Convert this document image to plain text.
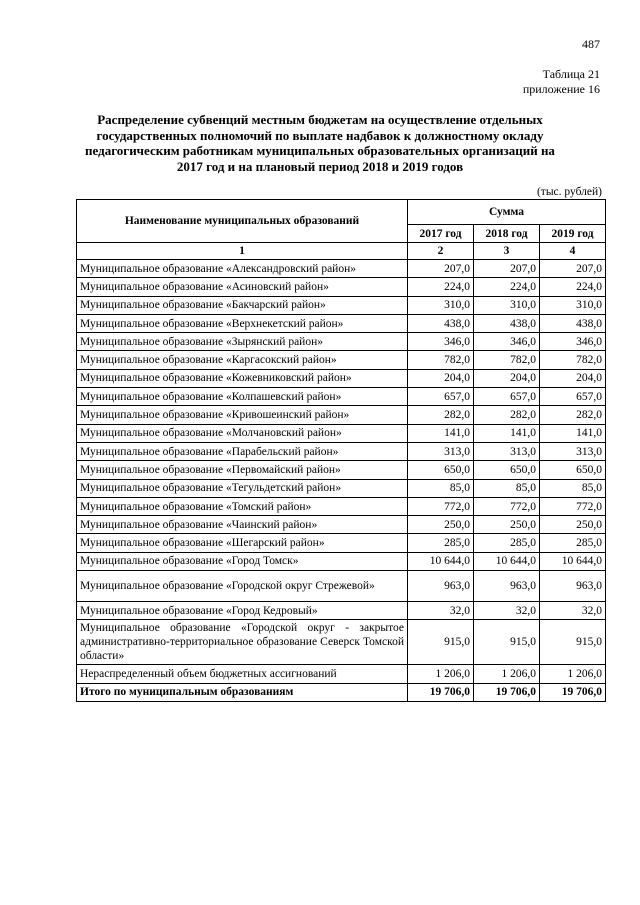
487
Таблица 21
приложение 16
Распределение субвенций местным бюджетам на осуществление отдельных государственных полномочий по выплате надбавок к должностному окладу педагогическим работникам муниципальных образовательных организаций на 2017 год и на плановый период 2018 и 2019 годов
(тыс. рублей)
Наименование муниципальных образований	Сумма		
	2017 год	2018 год	2019 год
1	2	3	4
Муниципальное образование «Александровский район»	207,0	207,0	207,0
Муниципальное образование «Асиновский район»	224,0	224,0	224,0
Муниципальное образование «Бакчарский район»	310,0	310,0	310,0
Муниципальное образование «Верхнекетский район»	438,0	438,0	438,0
Муниципальное образование «Зырянский район»	346,0	346,0	346,0
Муниципальное образование «Каргасокский район»	782,0	782,0	782,0
Муниципальное образование «Кожевниковский район»	204,0	204,0	204,0
Муниципальное образование «Колпашевский район»	657,0	657,0	657,0
Муниципальное образование «Кривошеинский район»	282,0	282,0	282,0
Муниципальное образование «Молчановский район»	141,0	141,0	141,0
Муниципальное образование «Парабельский район»	313,0	313,0	313,0
Муниципальное образование «Первомайский район»	650,0	650,0	650,0
Муниципальное образование «Тегульдетский район»	85,0	85,0	85,0
Муниципальное образование «Томский район»	772,0	772,0	772,0
Муниципальное образование «Чаинский район»	250,0	250,0	250,0
Муниципальное образование «Шегарский район»	285,0	285,0	285,0
Муниципальное образование «Город Томск»	10 644,0	10 644,0	10 644,0
Муниципальное образование «Городской округ Стрежевой»	963,0	963,0	963,0
Муниципальное образование «Город Кедровый»	32,0	32,0	32,0
Муниципальное образование «Городской округ - закрытое административно-территориальное образование Северск Томской области»	915,0	915,0	915,0
Нераспределенный объем бюджетных ассигнований	1 206,0	1 206,0	1 206,0
Итого по муниципальным образованиям	19 706,0	19 706,0	19 706,0
